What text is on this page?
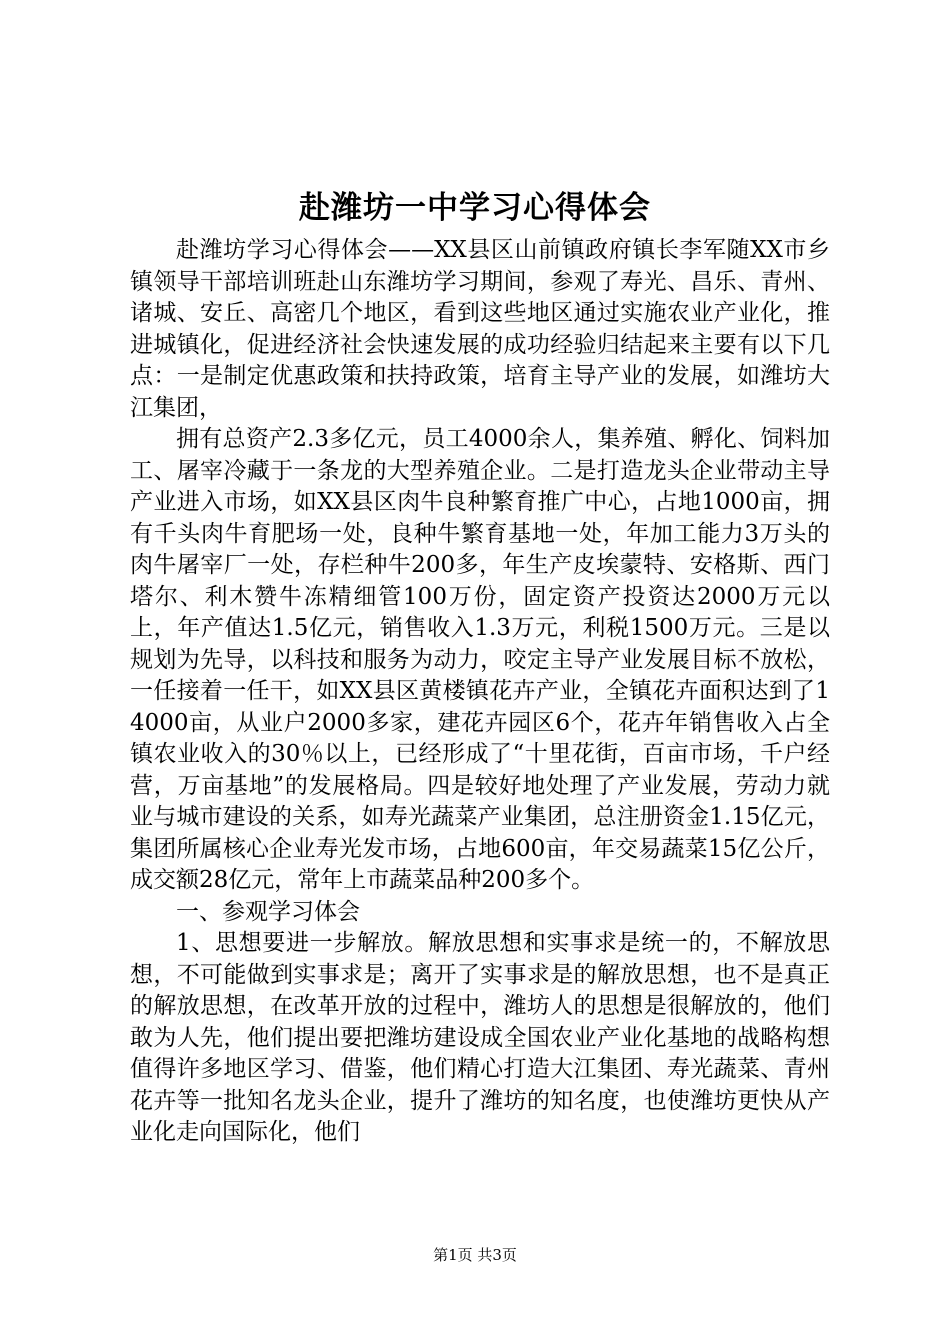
赴潍坊一中学习心得体会

赴潍坊学习心得体会——XX县区山前镇政府镇长李军随XX市乡镇领导干部培训班赴山东潍坊学习期间，参观了寿光、昌乐、青州、诸城、安丘、高密几个地区，看到这些地区通过实施农业产业化，推进城镇化，促进经济社会快速发展的成功经验归结起来主要有以下几点：一是制定优惠政策和扶持政策，培育主导产业的发展，如潍坊大江集团，

拥有总资产2.3多亿元，员工4000余人，集养殖、孵化、饲料加工、屠宰冷藏于一条龙的大型养殖企业。二是打造龙头企业带动主导产业进入市场，如XX县区肉牛良种繁育推广中心，占地1000亩，拥有千头肉牛育肥场一处，良种牛繁育基地一处，年加工能力3万头的肉牛屠宰厂一处，存栏种牛200多，年生产皮埃蒙特、安格斯、西门塔尔、利木赞牛冻精细管100万份，固定资产投资达2000万元以上，年产值达1.5亿元，销售收入1.3万元，利税1500万元。三是以规划为先导，以科技和服务为动力，咬定主导产业发展目标不放松，一任接着一任干，如XX县区黄楼镇花卉产业，全镇花卉面积达到了14000亩，从业户2000多家，建花卉园区6个，花卉年销售收入占全镇农业收入的30％以上，已经形成了“十里花街，百亩市场，千户经营，万亩基地”的发展格局。四是较好地处理了产业发展，劳动力就业与城市建设的关系，如寿光蔬菜产业集团，总注册资金1.15亿元，集团所属核心企业寿光发市场，占地600亩，年交易蔬菜15亿公斤，成交额28亿元，常年上市蔬菜品种200多个。

一、参观学习体会

1、思想要进一步解放。解放思想和实事求是统一的，不解放思想，不可能做到实事求是；离开了实事求是的解放思想，也不是真正的解放思想，在改革开放的过程中，潍坊人的思想是很解放的，他们敢为人先，他们提出要把潍坊建设成全国农业产业化基地的战略构想值得许多地区学习、借鉴，他们精心打造大江集团、寿光蔬菜、青州花卉等一批知名龙头企业，提升了潍坊的知名度，也使潍坊更快从产业化走向国际化，他们

第1页 共3页
